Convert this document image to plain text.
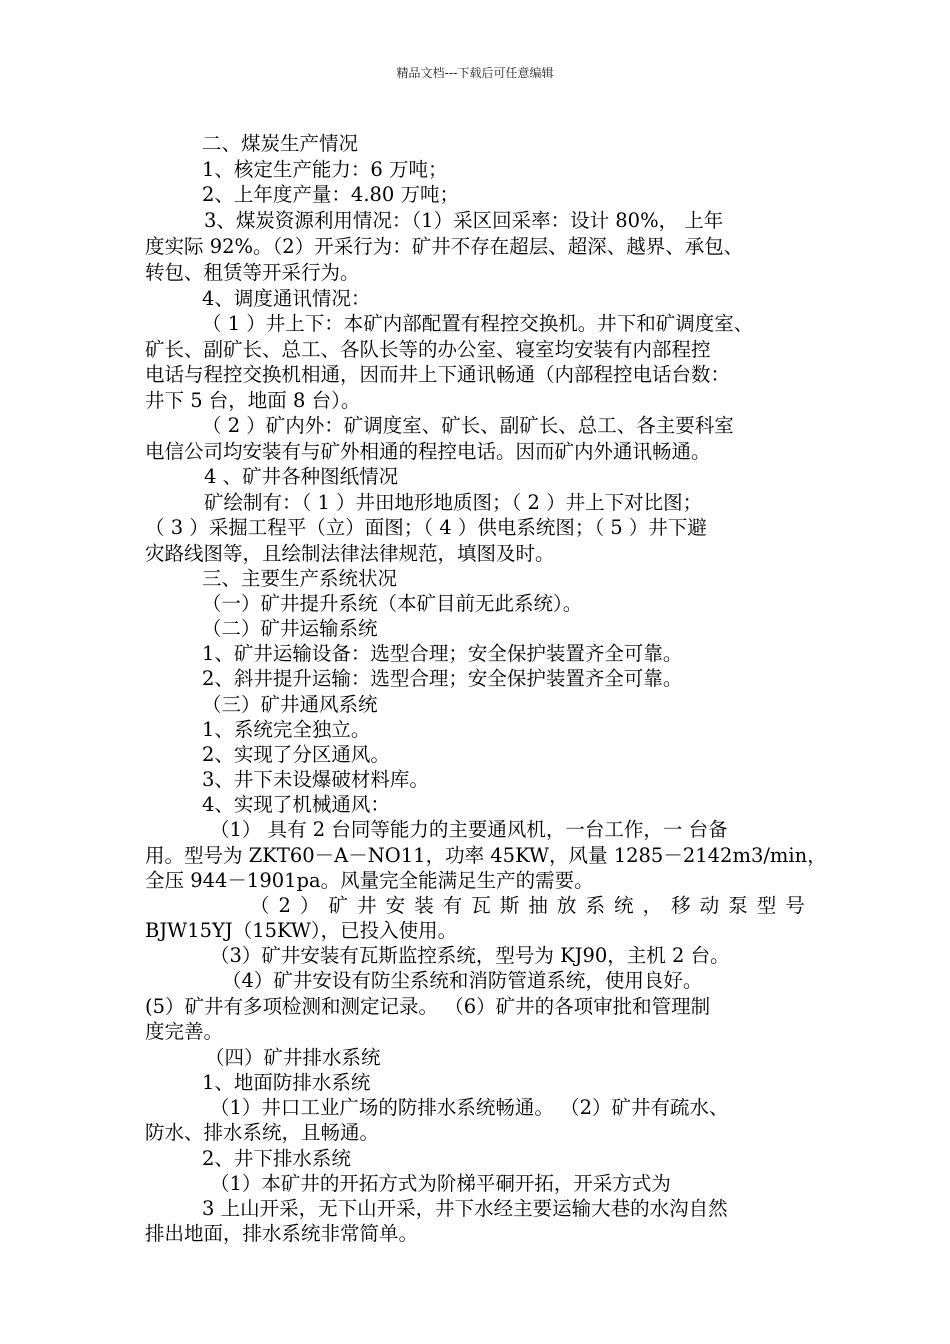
精品文档---下载后可任意编辑
二、煤炭生产情况
1、核定生产能力：6 万吨；
2、上年度产量：4.80 万吨；
3、煤炭资源利用情况：（1）采区回采率：设计 80%， 上年
度实际 92%。（2）开采行为：矿井不存在超层、超深、越界、承包、
转包、租赁等开采行为。
4、调度通讯情况：
（ 1 ）井上下：本矿内部配置有程控交换机。井下和矿调度室、
矿长、副矿长、总工、各队长等的办公室、寝室均安装有内部程控
电话与程控交换机相通，因而井上下通讯畅通（内部程控电话台数：
井下 5 台，地面 8 台）。
（ 2 ）矿内外：矿调度室、矿长、副矿长、总工、各主要科室
电信公司均安装有与矿外相通的程控电话。因而矿内外通讯畅通。
4 、矿井各种图纸情况
矿绘制有：（ 1 ）井田地形地质图；（ 2 ）井上下对比图；
（ 3 ）采掘工程平（立）面图；（ 4 ）供电系统图；（ 5 ）井下避
灾路线图等，且绘制法律法律规范，填图及时。
三、主要生产系统状况
（一）矿井提升系统（本矿目前无此系统）。
（二）矿井运输系统
1、矿井运输设备：选型合理；安全保护装置齐全可靠。
2、斜井提升运输：选型合理；安全保护装置齐全可靠。
（三）矿井通风系统
1、系统完全独立。
2、实现了分区通风。
3、井下未设爆破材料库。
4、实现了机械通风：
（1） 具有 2 台同等能力的主要通风机，一台工作，一 台备
用。型号为 ZKT60－A－NO11，功率 45KW，风量 1285－2142m3/min，
全压 944－1901pa。风量完全能满足生产的需要。
（ 2 ） 矿 井 安 装 有 瓦 斯 抽 放 系 统 ， 移 动 泵 型 号
BJW15YJ（15KW），已投入使用。
（3）矿井安装有瓦斯监控系统，型号为 KJ90，主机 2 台。
（4）矿井安设有防尘系统和消防管道系统，使用良好。
(5）矿井有多项检测和测定记录。 （6）矿井的各项审批和管理制
度完善。
（四）矿井排水系统
1、地面防排水系统
（1）井口工业广场的防排水系统畅通。 （2）矿井有疏水、
防水、排水系统，且畅通。
2、井下排水系统
（1）本矿井的开拓方式为阶梯平硐开拓，开采方式为
3 上山开采，无下山开采，井下水经主要运输大巷的水沟自然
排出地面，排水系统非常简单。
